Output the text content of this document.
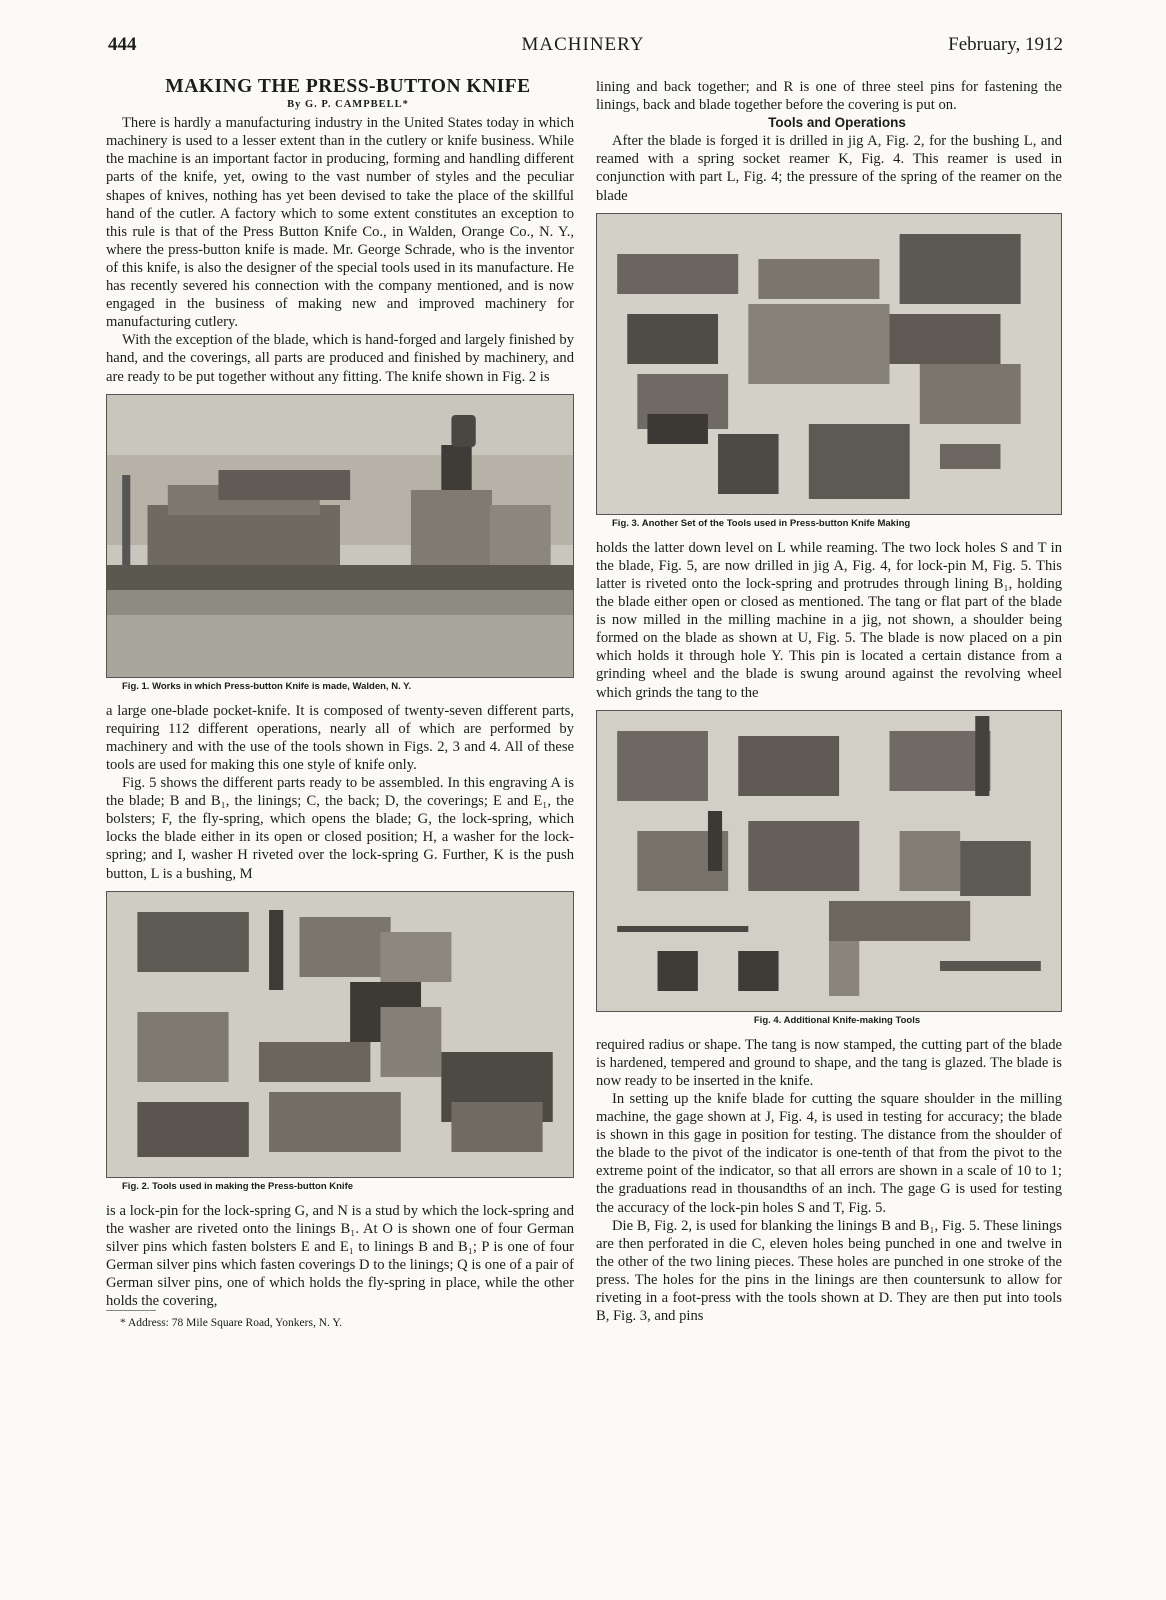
MACHINERY
444	February, 1912

MAKING THE PRESS-BUTTON KNIFE

By G. P. CAMPBELL*

There is hardly a manufacturing industry in the United States today in which machinery is used to a lesser extent than in the cutlery or knife business. While the machine is an important factor in producing, forming and handling different parts of the knife, yet, owing to the vast number of styles and the peculiar shapes of knives, nothing has yet been devised to take the place of the skillful hand of the cutler. A factory which to some extent constitutes an exception to this rule is that of the Press Button Knife Co., in Walden, Orange Co., N. Y., where the press-button knife is made. Mr. George Schrade, who is the inventor of this knife, is also the designer of the special tools used in its manufacture. He has recently severed his connection with the company mentioned, and is now engaged in the business of making new and improved machinery for manufacturing cutlery.

With the exception of the blade, which is hand-forged and largely finished by hand, and the coverings, all parts are produced and finished by machinery, and are ready to be put together without any fitting. The knife shown in Fig. 2 is

Fig. 1. Works in which Press-button Knife is made, Walden, N. Y.

a large one-blade pocket-knife. It is composed of twenty-seven different parts, requiring 112 different operations, nearly all of which are performed by machinery and with the use of the tools shown in Figs. 2, 3 and 4. All of these tools are used for making this one style of knife only.

Fig. 5 shows the different parts ready to be assembled. In this engraving A is the blade; B and B₁, the linings; C, the back; D, the coverings; E and E₁, the bolsters; F, the fly-spring, which opens the blade; G, the lock-spring, which locks the blade either in its open or closed position; H, a washer for the lock-spring; and I, washer H riveted over the lock-spring G. Further, K is the push button, L is a bushing, M

Fig. 2. Tools used in making the Press-button Knife

is a lock-pin for the lock-spring G, and N is a stud by which the lock-spring and the washer are riveted onto the linings B₁. At O is shown one of four German silver pins which fasten bolsters E and E₁ to linings B and B₁; P is one of four German silver pins which fasten coverings D to the linings; Q is one of a pair of German silver pins, one of which holds the fly-spring in place, while the other holds the covering,

* Address: 78 Mile Square Road, Yonkers, N. Y.

lining and back together; and R is one of three steel pins for fastening the linings, back and blade together before the covering is put on.

Tools and Operations

After the blade is forged it is drilled in jig A, Fig. 2, for the bushing L, and reamed with a spring socket reamer K, Fig. 4. This reamer is used in conjunction with part L, Fig. 4; the pressure of the spring of the reamer on the blade

Fig. 3. Another Set of the Tools used in Press-button Knife Making

holds the latter down level on L while reaming. The two lock holes S and T in the blade, Fig. 5, are now drilled in jig A, Fig. 4, for lock-pin M, Fig. 5. This latter is riveted onto the lock-spring and protrudes through lining B₁, holding the blade either open or closed as mentioned. The tang or flat part of the blade is now milled in the milling machine in a jig, not shown, a shoulder being formed on the blade as shown at U, Fig. 5. The blade is now placed on a pin which holds it through hole Y. This pin is located a certain distance from a grinding wheel and the blade is swung around against the revolving wheel which grinds the tang to the

Fig. 4. Additional Knife-making Tools

required radius or shape. The tang is now stamped, the cutting part of the blade is hardened, tempered and ground to shape, and the tang is glazed. The blade is now ready to be inserted in the knife.

In setting up the knife blade for cutting the square shoulder in the milling machine, the gage shown at J, Fig. 4, is used in testing for accuracy; the blade is shown in this gage in position for testing. The distance from the shoulder of the blade to the pivot of the indicator is one-tenth of that from the pivot to the extreme point of the indicator, so that all errors are shown in a scale of 10 to 1; the graduations read in thousandths of an inch. The gage G is used for testing the accuracy of the lock-pin holes S and T, Fig. 5.

Die B, Fig. 2, is used for blanking the linings B and B₁, Fig. 5. These linings are then perforated in die C, eleven holes being punched in one and twelve in the other of the two lining pieces. These holes are punched in one stroke of the press. The holes for the pins in the linings are then countersunk to allow for riveting in a foot-press with the tools shown at D. They are then put into tools B, Fig. 3, and pins
